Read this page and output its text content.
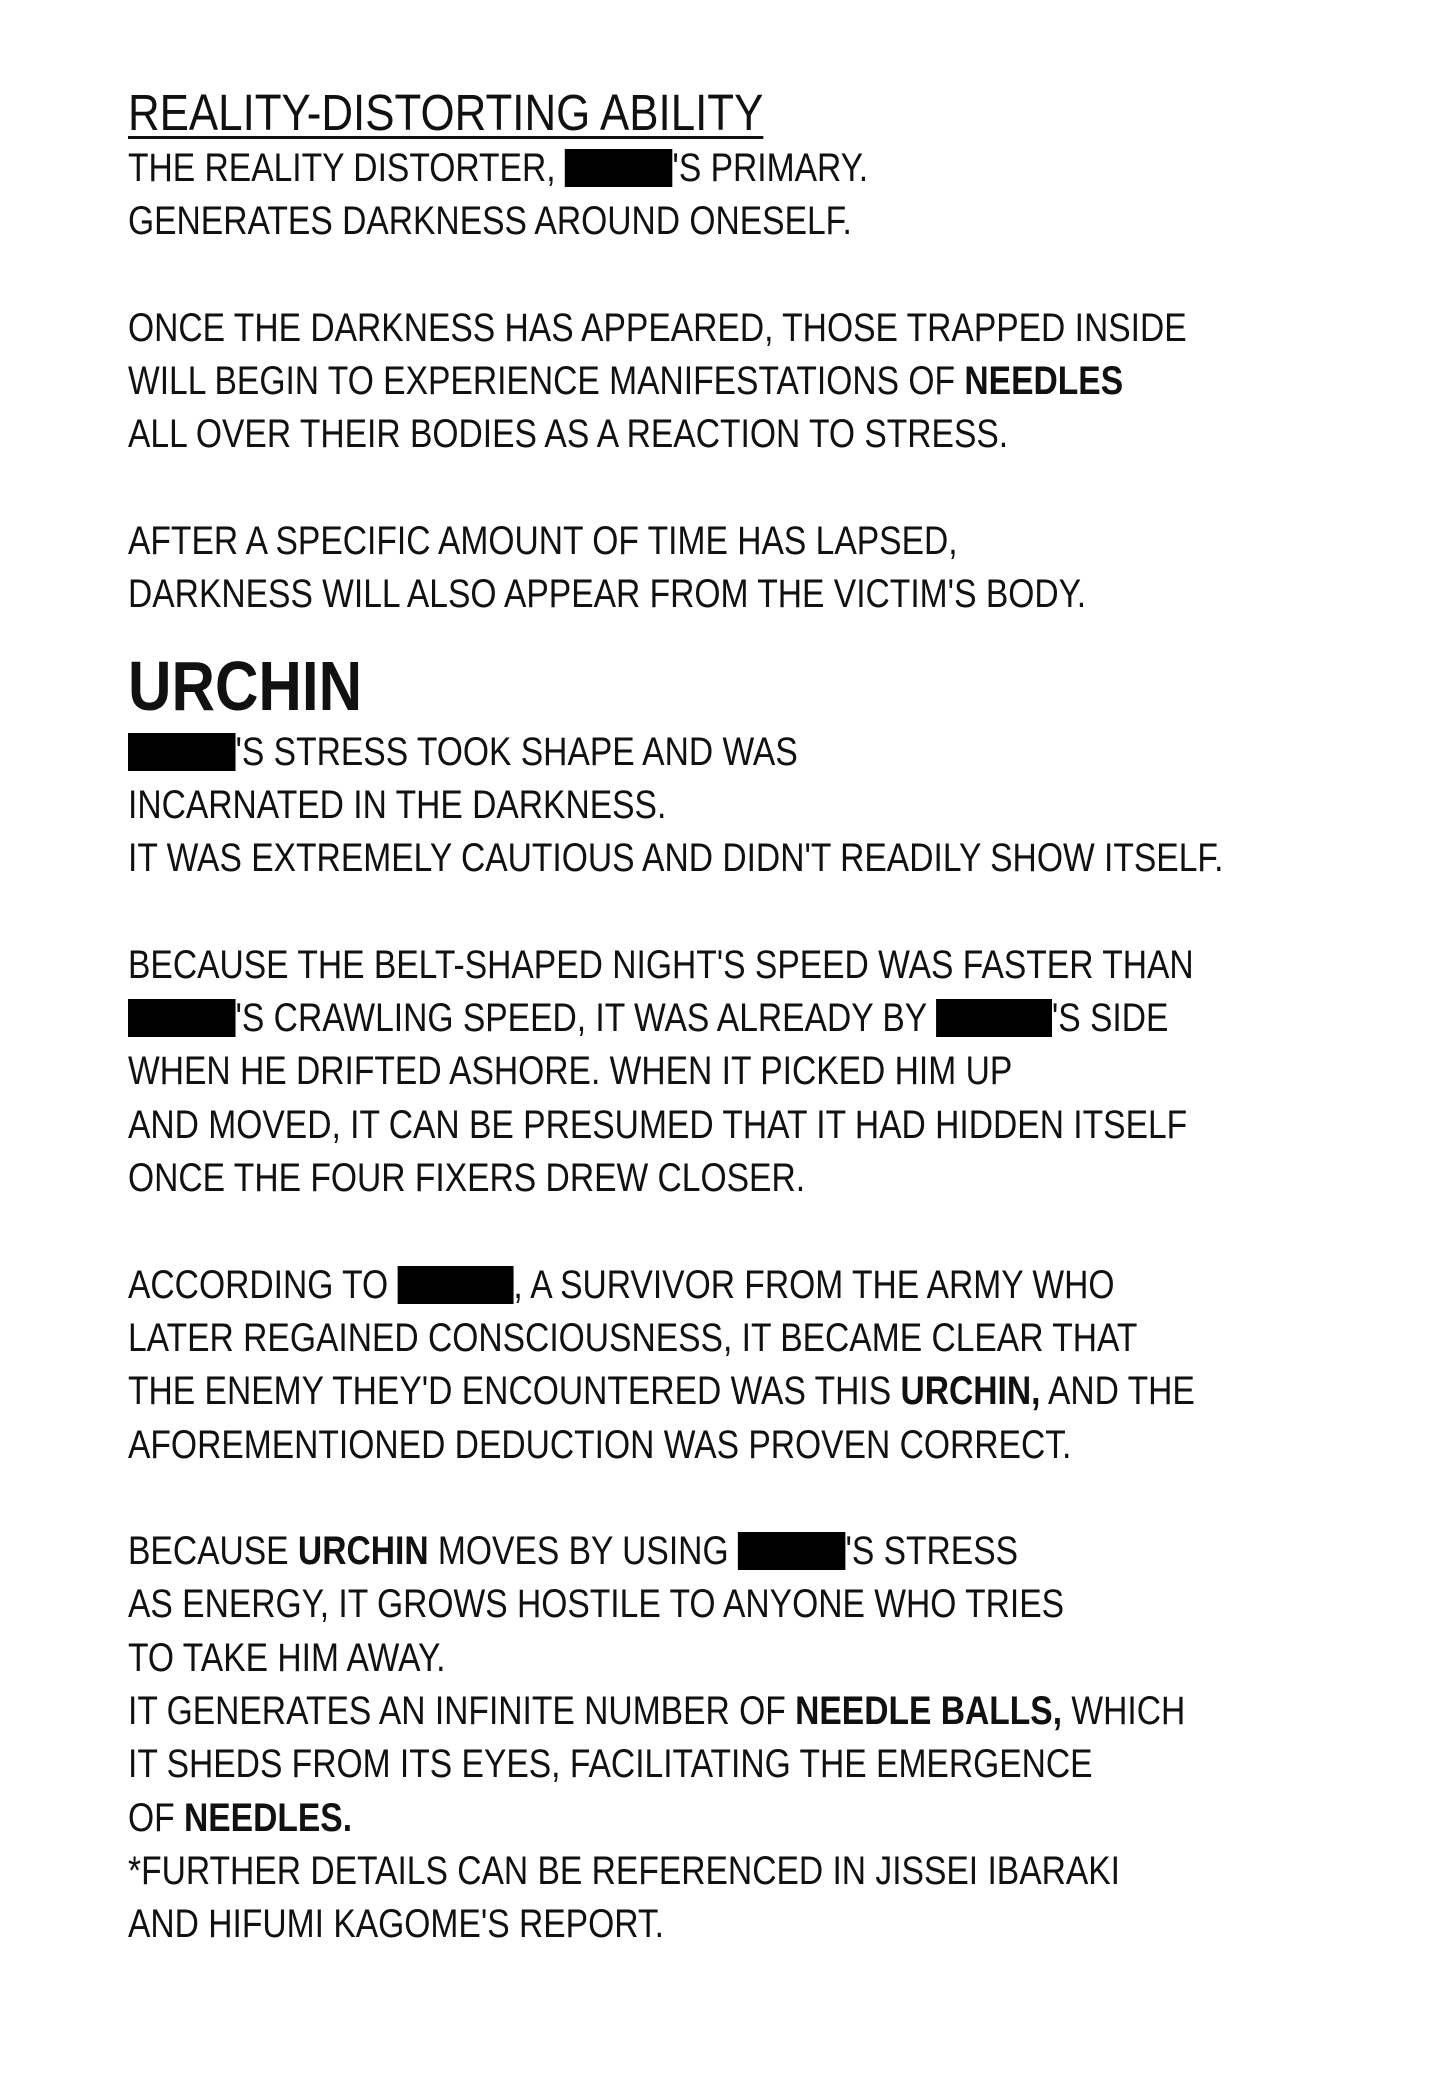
REALITY-DISTORTING ABILITY
THE REALITY DISTORTER,	'S PRIMARY.
GENERATES DARKNESS AROUND ONESELF.
ONCE THE DARKNESS HAS APPEARED, THOSE TRAPPED INSIDE
WILL BEGIN TO EXPERIENCE MANIFESTATIONS OF NEEDLES
ALL OVER THEIR BODIES AS A REACTION TO STRESS.
AFTER A SPECIFIC AMOUNT OF TIME HAS LAPSED,
DARKNESS WILL ALSO APPEAR FROM THE VICTIM'S BODY.
URCHIN
'S STRESS TOOK SHAPE AND WAS
INCARNATED IN THE DARKNESS.
IT WAS EXTREMELY CAUTIOUS AND DIDN'T READILY SHOW ITSELF.
BECAUSE THE BELT-SHAPED NIGHT'S SPEED WAS FASTER THAN
'S CRAWLING SPEED, IT WAS ALREADY BY	'S SIDE
WHEN HE DRIFTED ASHORE. WHEN IT PICKED HIM UP
AND MOVED, IT CAN BE PRESUMED THAT IT HAD HIDDEN ITSELF
ONCE THE FOUR FIXERS DREW CLOSER.
ACCORDING TO	, A SURVIVOR FROM THE ARMY WHO
LATER REGAINED CONSCIOUSNESS, IT BECAME CLEAR THAT
THE ENEMY THEY'D ENCOUNTERED WAS THIS URCHIN, AND THE
AFOREMENTIONED DEDUCTION WAS PROVEN CORRECT.
BECAUSE URCHIN MOVES BY USING	'S STRESS
AS ENERGY, IT GROWS HOSTILE TO ANYONE WHO TRIES
TO TAKE HIM AWAY.
IT GENERATES AN INFINITE NUMBER OF NEEDLE BALLS, WHICH
IT SHEDS FROM ITS EYES, FACILITATING THE EMERGENCE
OF NEEDLES.
*FURTHER DETAILS CAN BE REFERENCED IN JISSEI IBARAKI
AND HIFUMI KAGOME'S REPORT.
